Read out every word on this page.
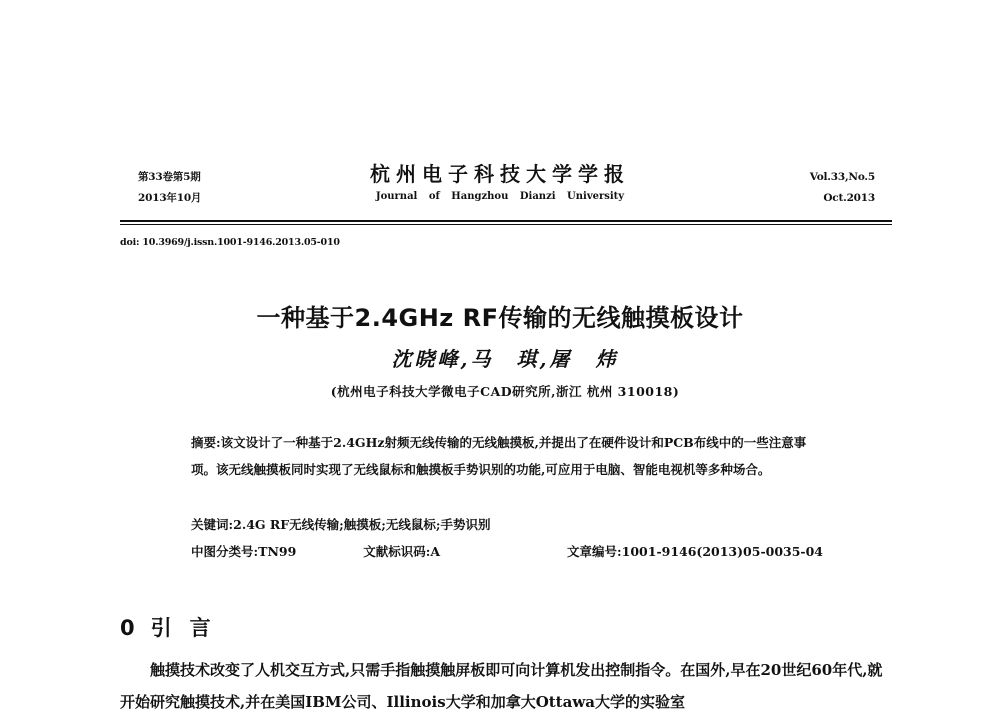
第33卷第5期
2013年10月
杭州电子科技大学学报
Journal of Hangzhou Dianzi University
Vol.33,No.5
Oct.2013
doi: 10.3969/j.issn.1001-9146.2013.05-010
一种基于2.4GHz RF传输的无线触摸板设计
沈晓峰,马　琪,屠　炜
(杭州电子科技大学微电子CAD研究所,浙江 杭州 310018)
摘要:该文设计了一种基于2.4GHz射频无线传输的无线触摸板,并提出了在硬件设计和PCB布线中的一些注意事项。该无线触摸板同时实现了无线鼠标和触摸板手势识别的功能,可应用于电脑、智能电视机等多种场合。
关键词:2.4G RF无线传输;触摸板;无线鼠标;手势识别
中图分类号:TN99	文献标识码:A	文章编号:1001-9146(2013)05-0035-04
0 引言
触摸技术改变了人机交互方式,只需手指触摸触屏板即可向计算机发出控制指令。在国外,早在20世纪60年代,就开始研究触摸技术,并在美国IBM公司、Illinois大学和加拿大Ottawa大学的实验室
